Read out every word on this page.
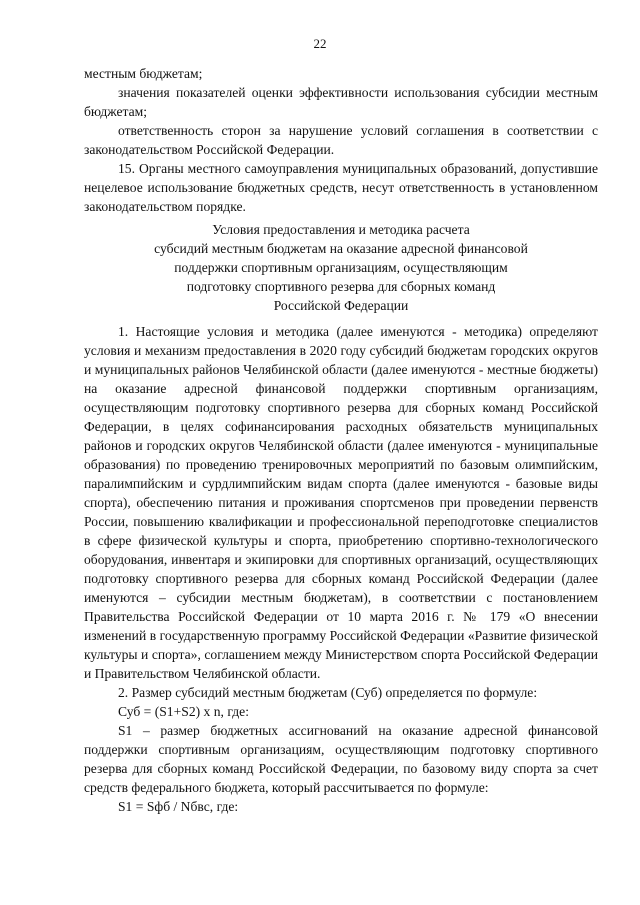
22

местным бюджетам;

значения показателей оценки эффективности использования субсидии местным бюджетам;

ответственность сторон за нарушение условий соглашения в соответствии с законодательством Российской Федерации.

15. Органы местного самоуправления муниципальных образований, допустившие нецелевое использование бюджетных средств, несут ответственность в установленном законодательством порядке.

Условия предоставления и методика расчета
субсидий местным бюджетам на оказание адресной финансовой
поддержки спортивным организациям, осуществляющим
подготовку спортивного резерва для сборных команд
Российской Федерации

1. Настоящие условия и методика (далее именуются - методика) определяют условия и механизм предоставления в 2020 году субсидий бюджетам городских округов и муниципальных районов Челябинской области (далее именуются - местные бюджеты) на оказание адресной финансовой поддержки спортивным организациям, осуществляющим подготовку спортивного резерва для сборных команд Российской Федерации, в целях софинансирования расходных обязательств муниципальных районов и городских округов Челябинской области (далее именуются - муниципальные образования) по проведению тренировочных мероприятий по базовым олимпийским, паралимпийским и сурдлимпийским видам спорта (далее именуются - базовые виды спорта), обеспечению питания и проживания спортсменов при проведении первенств России, повышению квалификации и профессиональной переподготовке специалистов в сфере физической культуры и спорта, приобретению спортивно-технологического оборудования, инвентаря и экипировки для спортивных организаций, осуществляющих подготовку спортивного резерва для сборных команд Российской Федерации (далее именуются – субсидии местным бюджетам), в соответствии с постановлением Правительства Российской Федерации от 10 марта 2016 г. № 179 «О внесении изменений в государственную программу Российской Федерации «Развитие физической культуры и спорта», соглашением между Министерством спорта Российской Федерации и Правительством Челябинской области.

2. Размер субсидий местным бюджетам (Суб) определяется по формуле:

Суб = (S1+S2) х n, где:

S1 – размер бюджетных ассигнований на оказание адресной финансовой поддержки спортивным организациям, осуществляющим подготовку спортивного резерва для сборных команд Российской Федерации, по базовому виду спорта за счет средств федерального бюджета, который рассчитывается по формуле:

S1 = Sфб / Nбвс, где:
